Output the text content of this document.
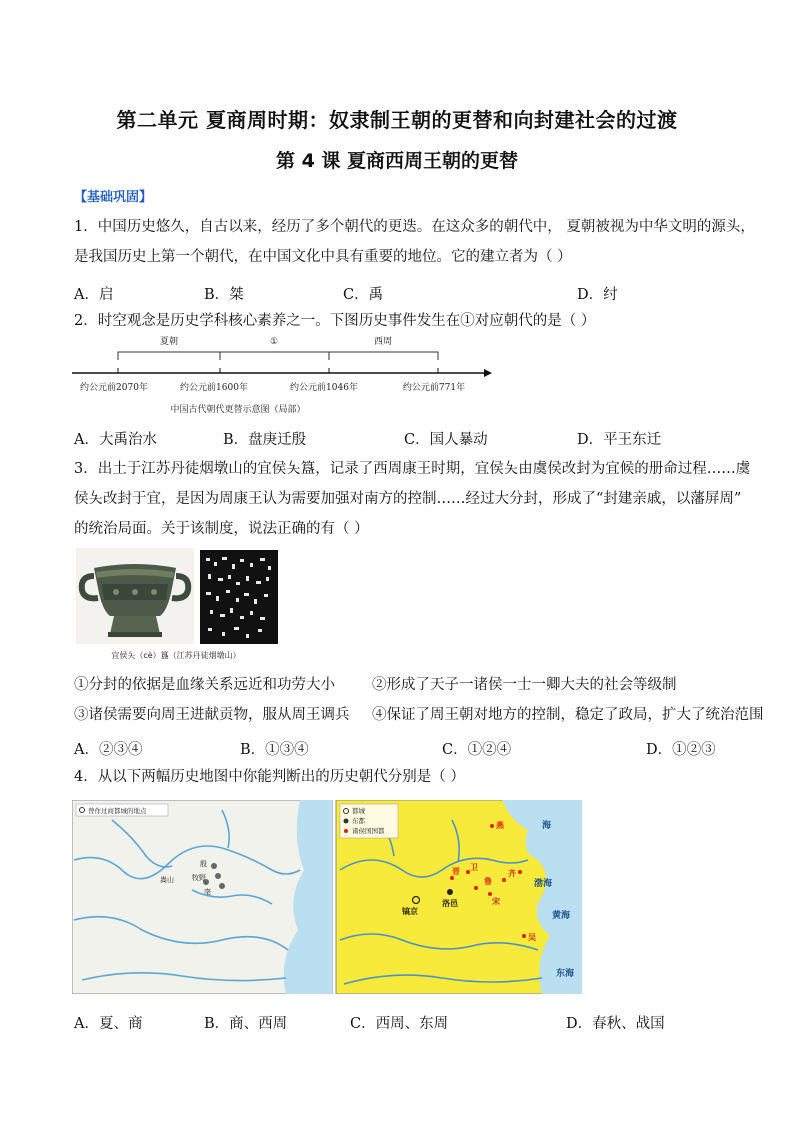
第二单元 夏商周时期：奴隶制王朝的更替和向封建社会的过渡
第 4 课 夏商西周王朝的更替
【基础巩固】
1．中国历史悠久，自古以来，经历了多个朝代的更迭。在这众多的朝代中， 夏朝被视为中华文明的源头，
是我国历史上第一个朝代，在中国文化中具有重要的地位。它的建立者为（ ）
A．启	B．桀	C．禹	D．纣
2．时空观念是历史学科核心素养之一。下图历史事件发生在①对应朝代的是（ ）
夏朝	①	西周
约公元前2070年	约公元前1600年	约公元前1046年	约公元前771年
中国古代朝代更替示意图（局部）
A．大禹治水	B．盘庚迁殷	C．国人暴动	D．平王东迁
3．出土于江苏丹徒烟墩山的宜侯夨簋，记录了西周康王时期，宜侯夨由虞侯改封为宜候的册命过程……虞
侯夨改封于宜，是因为周康王认为需要加强对南方的控制……经过大分封，形成了“封建亲戚，以藩屏周”
的统治局面。关于该制度，说法正确的有（ ）
宜侯夨（cè）簋（江苏丹徒烟墩山）
①分封的依据是血缘关系远近和功劳大小	②形成了天子一诸侯一士一卿大夫的社会等级制
③诸侯需要向周王进献贡物，服从周王调兵 ④保证了周王朝对地方的控制，稳定了政局，扩大了统治范围
A．②③④	B．①③④	C．①②④	D．①②③
4．从以下两幅历史地图中你能判断出的历史朝代分别是（ ）
曾作过商都城的地点
殷
牧野
亳
嵩山
都城
东都
诸侯国国都
镐京
洛邑
燕
齐
鲁
宋
卫
晋
吴
渤海
黄海
东海
海
A．夏、商	B．商、西周	C．西周、东周	D．春秋、战国
